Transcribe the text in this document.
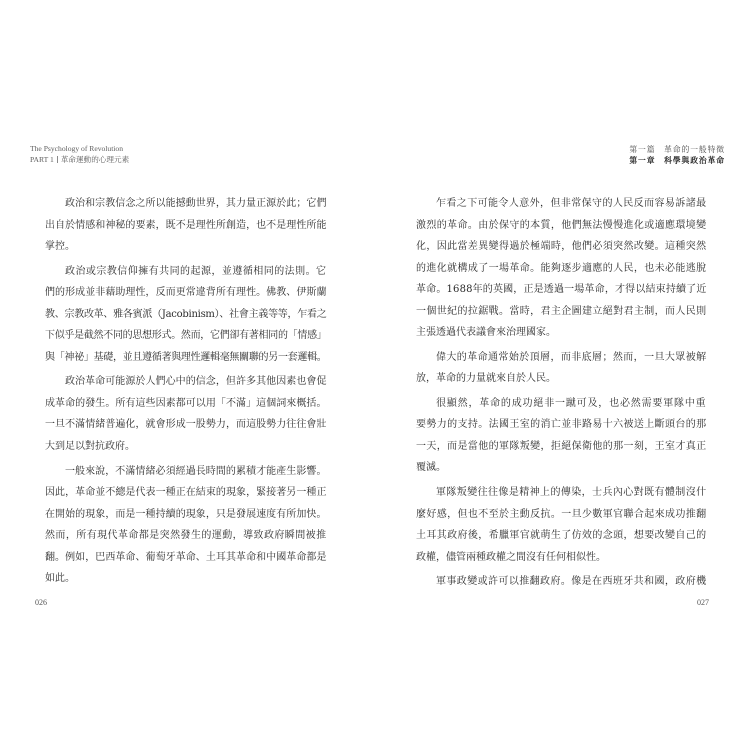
The Psychology of Revolution
PART 1 革命運動的心理元素
政治和宗教信念之所以能撼動世界，其力量正源於此；它們
出自於情感和神秘的要素，既不是理性所創造，也不是理性所能
掌控。
政治或宗教信仰擁有共同的起源，並遵循相同的法則。它
們的形成並非藉助理性，反而更常違背所有理性。佛教、伊斯蘭
教、宗教改革、雅各賓派（Jacobinism）、社會主義等等，乍看之
下似乎是截然不同的思想形式。然而，它們卻有著相同的「情感」
與「神祕」基礎，並且遵循著與理性邏輯毫無關聯的另一套邏輯。
政治革命可能源於人們心中的信念，但許多其他因素也會促
成革命的發生。所有這些因素都可以用「不滿」這個詞來概括。
一旦不滿情緒普遍化，就會形成一股勢力，而這股勢力往往會壯
大到足以對抗政府。
一般來說，不滿情緒必須經過長時間的累積才能產生影響。
因此，革命並不總是代表一種正在結束的現象，緊接著另一種正
在開始的現象，而是一種持續的現象，只是發展速度有所加快。
然而，所有現代革命都是突然發生的運動，導致政府瞬間被推
翻。例如，巴西革命、葡萄牙革命、土耳其革命和中國革命都是
如此。
026
第一篇　革命的一般特徵
第一章　科學與政治革命
乍看之下可能令人意外，但非常保守的人民反而容易訴諸最
激烈的革命。由於保守的本質，他們無法慢慢進化或適應環境變
化，因此當差異變得過於極端時，他們必須突然改變。這種突然
的進化就構成了一場革命。能夠逐步適應的人民，也未必能逃脫
革命。1688年的英國，正是透過一場革命，才得以結束持續了近
一個世紀的拉鋸戰。當時，君主企圖建立絕對君主制，而人民則
主張透過代表議會來治理國家。
偉大的革命通常始於頂層，而非底層；然而，一旦大眾被解
放，革命的力量就來自於人民。
很顯然，革命的成功絕非一蹴可及，也必然需要軍隊中重
要勢力的支持。法國王室的消亡並非路易十六被送上斷頭台的那
一天，而是當他的軍隊叛變，拒絕保衛他的那一刻，王室才真正
覆滅。
軍隊叛變往往像是精神上的傳染，士兵內心對既有體制沒什
麼好感，但也不至於主動反抗。一旦少數軍官聯合起來成功推翻
土耳其政府後，希臘軍官就萌生了仿效的念頭，想要改變自己的
政權，儘管兩種政權之間沒有任何相似性。
軍事政變或許可以推翻政府。像是在西班牙共和國，政府機
027
